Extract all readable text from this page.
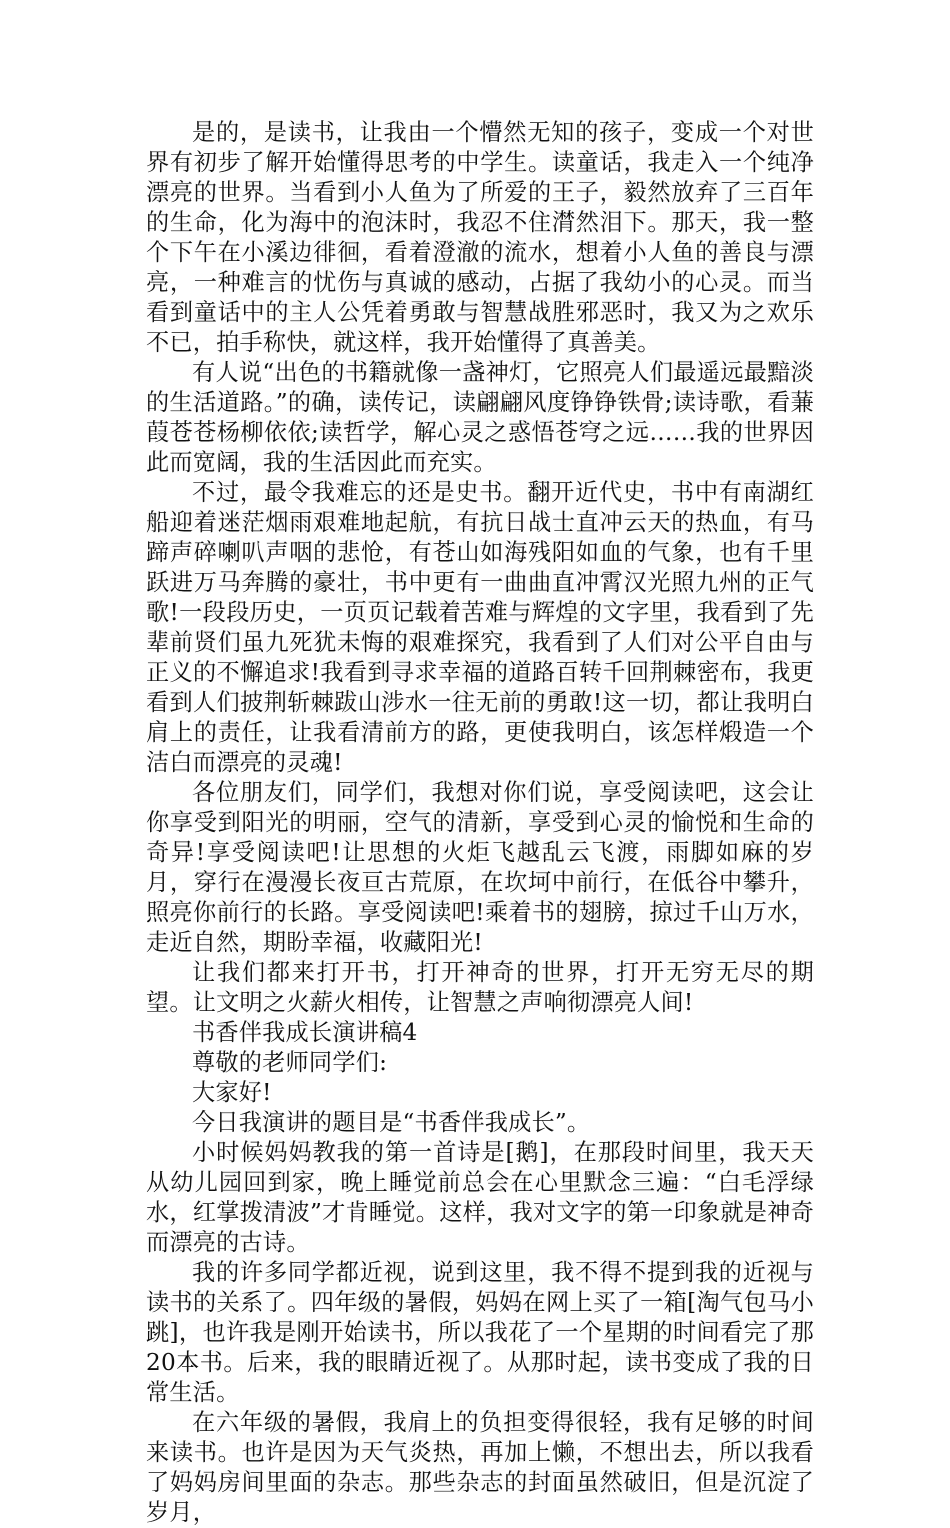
是的，是读书，让我由一个懵然无知的孩子，变成一个对世界有初步了解开始懂得思考的中学生。读童话，我走入一个纯净漂亮的世界。当看到小人鱼为了所爱的王子，毅然放弃了三百年的生命，化为海中的泡沫时，我忍不住潸然泪下。那天，我一整个下午在小溪边徘徊，看着澄澈的流水，想着小人鱼的善良与漂亮，一种难言的忧伤与真诚的感动，占据了我幼小的心灵。而当看到童话中的主人公凭着勇敢与智慧战胜邪恶时，我又为之欢乐不已，拍手称快，就这样，我开始懂得了真善美。

有人说“出色的书籍就像一盏神灯，它照亮人们最遥远最黯淡的生活道路。”的确，读传记，读翩翩风度铮铮铁骨;读诗歌，看蒹葭苍苍杨柳依依;读哲学，解心灵之惑悟苍穹之远……我的世界因此而宽阔，我的生活因此而充实。

不过，最令我难忘的还是史书。翻开近代史，书中有南湖红船迎着迷茫烟雨艰难地起航，有抗日战士直冲云天的热血，有马蹄声碎喇叭声咽的悲怆，有苍山如海残阳如血的气象，也有千里跃进万马奔腾的豪壮，书中更有一曲曲直冲霄汉光照九州的正气歌!一段段历史，一页页记载着苦难与辉煌的文字里，我看到了先辈前贤们虽九死犹未悔的艰难探究，我看到了人们对公平自由与正义的不懈追求!我看到寻求幸福的道路百转千回荆棘密布，我更看到人们披荆斩棘跋山涉水一往无前的勇敢!这一切，都让我明白肩上的责任，让我看清前方的路，更使我明白，该怎样煅造一个洁白而漂亮的灵魂!

各位朋友们，同学们，我想对你们说，享受阅读吧，这会让你享受到阳光的明丽，空气的清新，享受到心灵的愉悦和生命的奇异!享受阅读吧!让思想的火炬飞越乱云飞渡，雨脚如麻的岁月，穿行在漫漫长夜亘古荒原，在坎坷中前行，在低谷中攀升，照亮你前行的长路。享受阅读吧!乘着书的翅膀，掠过千山万水，走近自然，期盼幸福，收藏阳光!

让我们都来打开书，打开神奇的世界，打开无穷无尽的期望。让文明之火薪火相传，让智慧之声响彻漂亮人间!

书香伴我成长演讲稿4

尊敬的老师同学们:

大家好!

今日我演讲的题目是“书香伴我成长”。

小时候妈妈教我的第一首诗是[鹅]，在那段时间里，我天天从幼儿园回到家，晚上睡觉前总会在心里默念三遍：“白毛浮绿水，红掌拨清波”才肯睡觉。这样，我对文字的第一印象就是神奇而漂亮的古诗。

我的许多同学都近视，说到这里，我不得不提到我的近视与读书的关系了。四年级的暑假，妈妈在网上买了一箱[淘气包马小跳]，也许我是刚开始读书，所以我花了一个星期的时间看完了那20本书。后来，我的眼睛近视了。从那时起，读书变成了我的日常生活。

在六年级的暑假，我肩上的负担变得很轻，我有足够的时间来读书。也许是因为天气炎热，再加上懒，不想出去，所以我看了妈妈房间里面的杂志。那些杂志的封面虽然破旧，但是沉淀了岁月，
